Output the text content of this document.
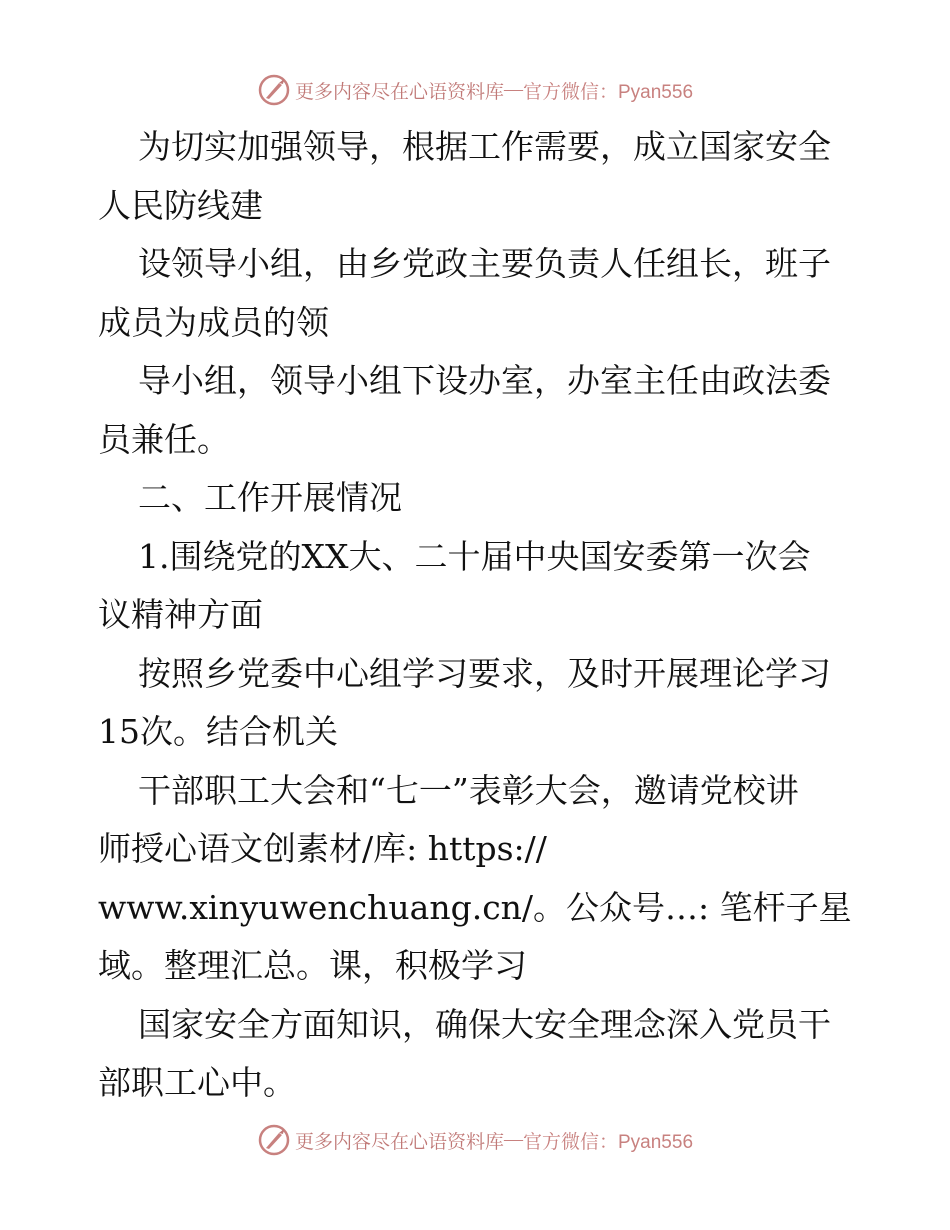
更多内容尽在心语资料库 — 官方微信：Pyan556

为切实加强领导，根据工作需要，成立国家安全
人民防线建

设领导小组，由乡党政主要负责人任组长，班子
成员为成员的领

导小组，领导小组下设办室，办室主任由政法委
员兼任。

二、工作开展情况

1.围绕党的XX大、二十届中央国安委第一次会
议精神方面

按照乡党委中心组学习要求，及时开展理论学习
15次。结合机关

干部职工大会和“七一”表彰大会，邀请党校讲
师授心语文创素材/库: https://
www.xinyuwenchuang.cn/。公众号…: 笔杆子星
域。整理汇总。课，积极学习

国家安全方面知识，确保大安全理念深入党员干
部职工心中。

更多内容尽在心语资料库 — 官方微信：Pyan556
